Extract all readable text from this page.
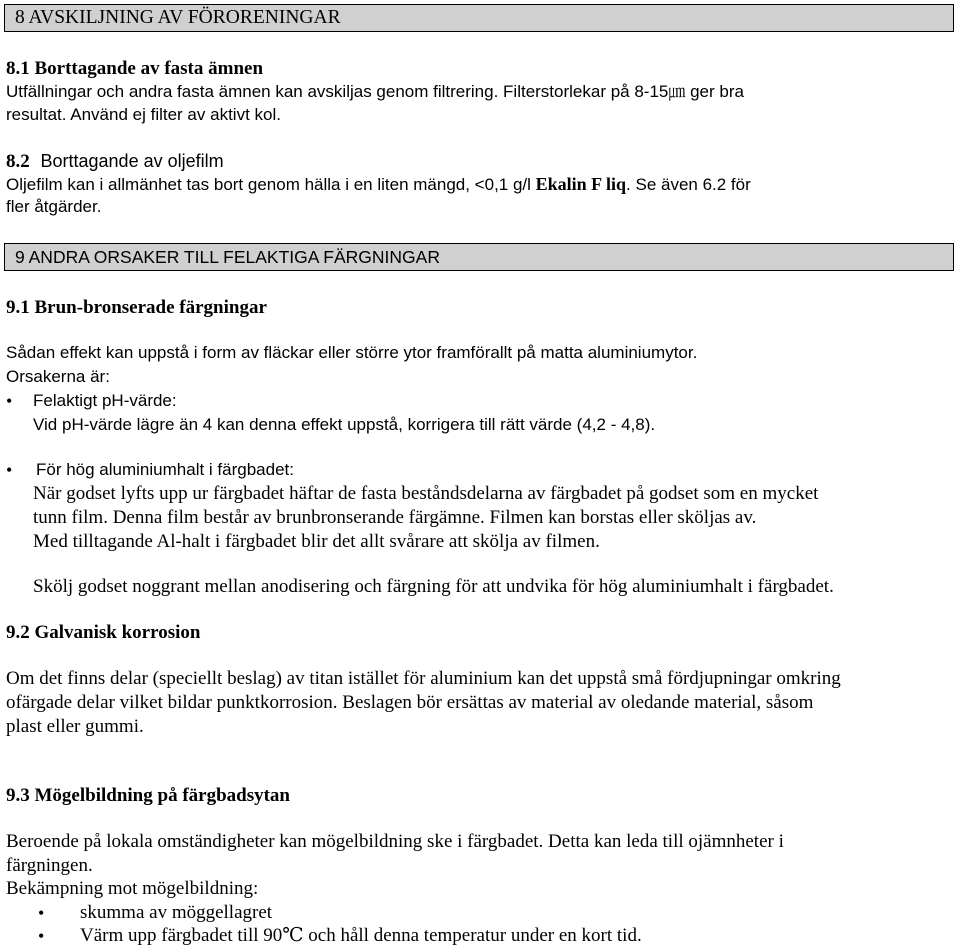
8 AVSKILJNING AV FÖRORENINGAR
8.1 Borttagande av fasta ämnen
Utfällningar och andra fasta ämnen kan avskiljas genom filtrering. Filterstorlekar på 8-15㎛ ger bra
resultat. Använd ej filter av aktivt kol.
8.2 Borttagande av oljefilm
Oljefilm kan i allmänhet tas bort genom hälla i en liten mängd, <0,1 g/l Ekalin F liq. Se även 6.2 för
fler åtgärder.
9 ANDRA ORSAKER TILL FELAKTIGA FÄRGNINGAR
9.1 Brun-bronserade färgningar
Sådan effekt kan uppstå i form av fläckar eller större ytor framförallt på matta aluminiumytor.
Orsakerna är:
• Felaktigt pH-värde:
Vid pH-värde lägre än 4 kan denna effekt uppstå, korrigera till rätt värde (4,2 - 4,8).
• För hög aluminiumhalt i färgbadet:
När godset lyfts upp ur färgbadet häftar de fasta beståndsdelarna av färgbadet på godset som en mycket
tunn film. Denna film består av brunbronserande färgämne. Filmen kan borstas eller sköljas av.
Med tilltagande Al-halt i färgbadet blir det allt svårare att skölja av filmen.
Skölj godset noggrant mellan anodisering och färgning för att undvika för hög aluminiumhalt i färgbadet.
9.2 Galvanisk korrosion
Om det finns delar (speciellt beslag) av titan istället för aluminium kan det uppstå små fördjupningar omkring
ofärgade delar vilket bildar punktkorrosion. Beslagen bör ersättas av material av oledande material, såsom
plast eller gummi.
9.3 Mögelbildning på färgbadsytan
Beroende på lokala omständigheter kan mögelbildning ske i färgbadet. Detta kan leda till ojämnheter i
färgningen.
Bekämpning mot mögelbildning:
• skumma av möggellagret
• Värm upp färgbadet till 90℃ och håll denna temperatur under en kort tid.
